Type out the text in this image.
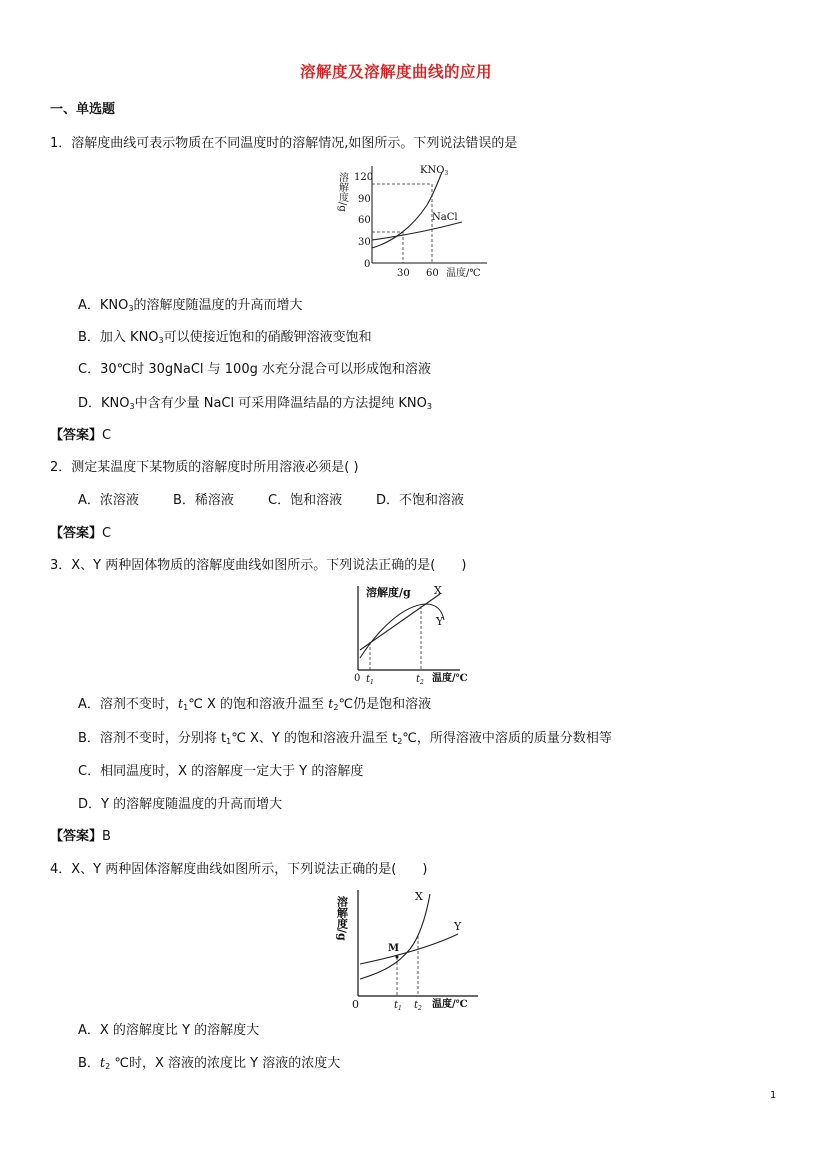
溶解度及溶解度曲线的应用
一、单选题
1．溶解度曲线可表示物质在不同温度时的溶解情况,如图所示。下列说法错误的是
溶解度/g 120
90
60
30
0
$KNO_3$
NaCl
30 60 温度/℃
A．$KNO_3$的溶解度随温度的升高而增大
B．加入 $KNO_3$可以使接近饱和的硝酸钾溶液变饱和
C．30℃时 30gNaCl 与 100g 水充分混合可以形成饱和溶液
D．$KNO_3$中含有少量 NaCl 可采用降温结晶的方法提纯 $KNO_3$
【答案】C
2．测定某温度下某物质的溶解度时所用溶液必须是( )
A．浓溶液	B．稀溶液	C．饱和溶液	D．不饱和溶液
【答案】C
3．X、Y 两种固体物质的溶解度曲线如图所示。下列说法正确的是(　　)
溶解度/g X
Y
0 $t_1$	$t_2$ 温度/℃
A．溶剂不变时，$t_1℃$ X 的饱和溶液升温至 $t_2℃$仍是饱和溶液
B．溶剂不变时，分别将 $t_1℃$ X、Y 的饱和溶液升温至 $t_2℃$，所得溶液中溶质的质量分数相等
C．相同温度时，X 的溶解度一定大于 Y 的溶解度
D．Y 的溶解度随温度的升高而增大
【答案】B
4．X、Y 两种固体溶解度曲线如图所示，下列说法正确的是(　　)
溶解度/g
M
X
Y
0	$t_1$ $t_2$ 温度/℃
A．X 的溶解度比 Y 的溶解度大
B．$t_2$ ℃时，X 溶液的浓度比 Y 溶液的浓度大
1
